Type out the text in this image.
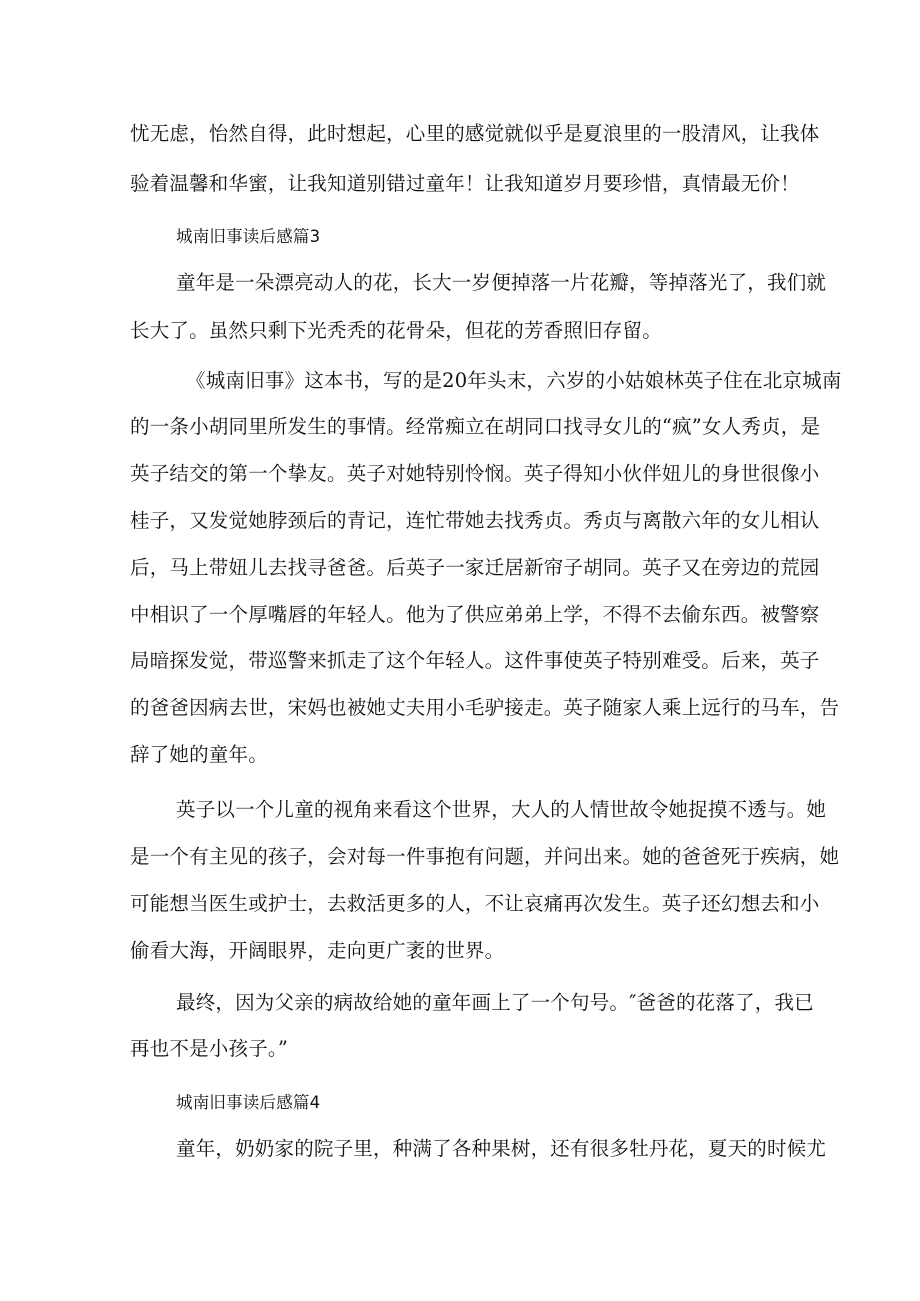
忧无虑，怡然自得，此时想起，心里的感觉就似乎是夏浪里的一股清风，让我体
验着温馨和华蜜，让我知道别错过童年！让我知道岁月要珍惜，真情最无价！
城南旧事读后感篇3
童年是一朵漂亮动人的花，长大一岁便掉落一片花瓣，等掉落光了，我们就
长大了。虽然只剩下光秃秃的花骨朵，但花的芳香照旧存留。
《城南旧事》这本书，写的是20年头末，六岁的小姑娘林英子住在北京城南
的一条小胡同里所发生的事情。经常痴立在胡同口找寻女儿的“疯”女人秀贞，是
英子结交的第一个挚友。英子对她特别怜悯。英子得知小伙伴妞儿的身世很像小
桂子，又发觉她脖颈后的青记，连忙带她去找秀贞。秀贞与离散六年的女儿相认
后，马上带妞儿去找寻爸爸。后英子一家迁居新帘子胡同。英子又在旁边的荒园
中相识了一个厚嘴唇的年轻人。他为了供应弟弟上学，不得不去偷东西。被警察
局暗探发觉，带巡警来抓走了这个年轻人。这件事使英子特别难受。后来，英子
的爸爸因病去世，宋妈也被她丈夫用小毛驴接走。英子随家人乘上远行的马车，告
辞了她的童年。
英子以一个儿童的视角来看这个世界，大人的人情世故令她捉摸不透与。她
是一个有主见的孩子，会对每一件事抱有问题，并问出来。她的爸爸死于疾病，她
可能想当医生或护士，去救活更多的人，不让哀痛再次发生。英子还幻想去和小
偷看大海，开阔眼界，走向更广袤的世界。
最终，因为父亲的病故给她的童年画上了一个句号。″爸爸的花落了，我已
再也不是小孩子。”
城南旧事读后感篇4
童年，奶奶家的院子里，种满了各种果树，还有很多牡丹花，夏天的时候尤
